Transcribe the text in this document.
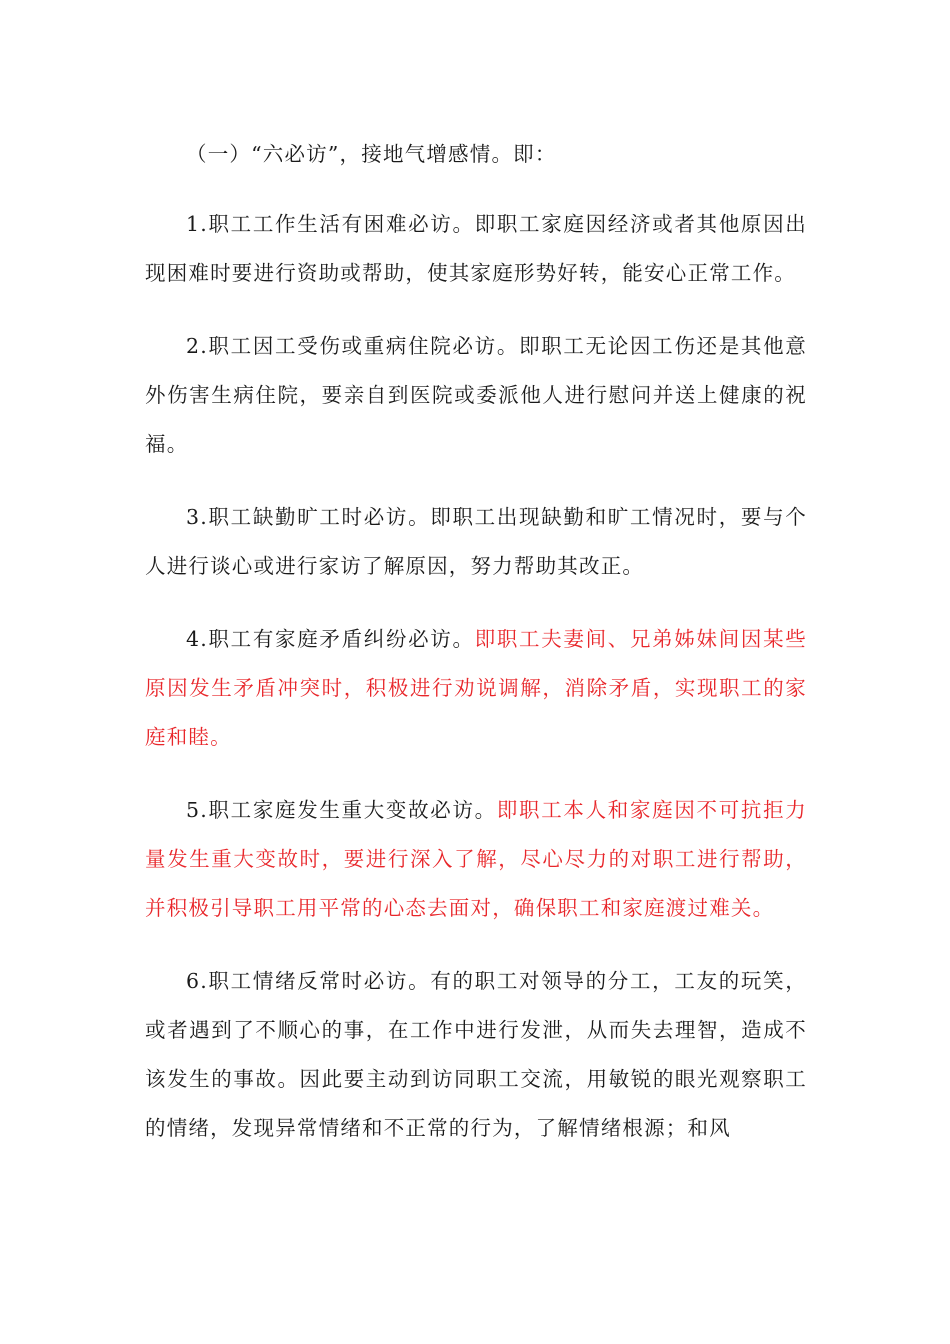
（一）“六必访”，接地气增感情。即：

1.职工工作生活有困难必访。即职工家庭因经济或者其他原因出现困难时要进行资助或帮助，使其家庭形势好转，能安心正常工作。

2.职工因工受伤或重病住院必访。即职工无论因工伤还是其他意外伤害生病住院，要亲自到医院或委派他人进行慰问并送上健康的祝福。

3.职工缺勤旷工时必访。即职工出现缺勤和旷工情况时，要与个人进行谈心或进行家访了解原因，努力帮助其改正。

4.职工有家庭矛盾纠纷必访。即职工夫妻间、兄弟姊妹间因某些原因发生矛盾冲突时，积极进行劝说调解，消除矛盾，实现职工的家庭和睦。

5.职工家庭发生重大变故必访。即职工本人和家庭因不可抗拒力量发生重大变故时，要进行深入了解，尽心尽力的对职工进行帮助，并积极引导职工用平常的心态去面对，确保职工和家庭渡过难关。

6.职工情绪反常时必访。有的职工对领导的分工，工友的玩笑，或者遇到了不顺心的事，在工作中进行发泄，从而失去理智，造成不该发生的事故。因此要主动到访同职工交流，用敏锐的眼光观察职工的情绪，发现异常情绪和不正常的行为，了解情绪根源；和风
